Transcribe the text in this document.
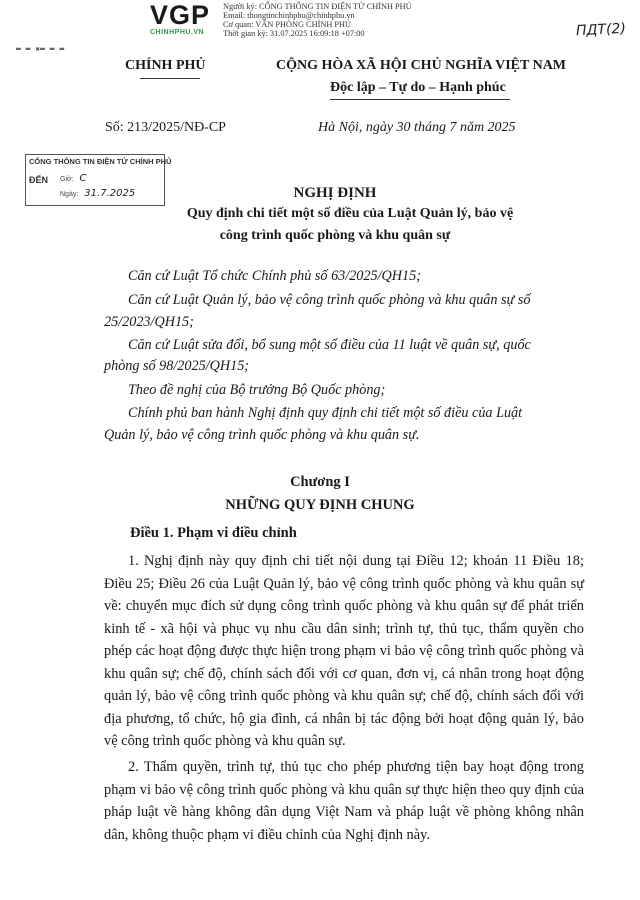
VGP
CHINHPHU.VN
Người ký: CỔNG THÔNG TIN ĐIỆN TỬ CHÍNH PHỦ
Email: thongtinchinhphu@chinhphu.vn
Cơ quan: VĂN PHÒNG CHÍNH PHỦ
Thời gian ký: 31.07.2025 16:09:18 +07:00	ПДТ(2)
▬ ▬ ▪▬ ▬ ▬
CHÍNH PHỦ	CỘNG HÒA XÃ HỘI CHỦ NGHĨA VIỆT NAM
Độc lập – Tự do – Hạnh phúc
Số: 213/2025/NĐ-CP	Hà Nội, ngày 30 tháng 7 năm 2025
CỔNG THÔNG TIN ĐIỆN TỬ CHÍNH PHỦ
ĐẾN Giờ: C
Ngày: 31.7.2025	NGHỊ ĐỊNH
Quy định chi tiết một số điều của Luật Quản lý, bảo vệ
công trình quốc phòng và khu quân sự
Căn cứ Luật Tổ chức Chính phủ số 63/2025/QH15;
Căn cứ Luật Quản lý, bảo vệ công trình quốc phòng và khu quân sự số
25/2023/QH15;
Căn cứ Luật sửa đổi, bổ sung một số điều của 11 luật về quân sự, quốc
phòng số 98/2025/QH15;
Theo đề nghị của Bộ trưởng Bộ Quốc phòng;
Chính phủ ban hành Nghị định quy định chi tiết một số điều của Luật
Quản lý, bảo vệ công trình quốc phòng và khu quân sự.
Chương I
NHỮNG QUY ĐỊNH CHUNG
Điều 1. Phạm vi điều chỉnh
1. Nghị định này quy định chi tiết nội dung tại Điều 12; khoản 11 Điều 18; Điều 25; Điều 26 của Luật Quản lý, bảo vệ công trình quốc phòng và khu quân sự về: chuyển mục đích sử dụng công trình quốc phòng và khu quân sự để phát triển kinh tế - xã hội và phục vụ nhu cầu dân sinh; trình tự, thủ tục, thẩm quyền cho phép các hoạt động được thực hiện trong phạm vi bảo vệ công trình quốc phòng và khu quân sự; chế độ, chính sách đối với cơ quan, đơn vị, cá nhân trong hoạt động quản lý, bảo vệ công trình quốc phòng và khu quân sự; chế độ, chính sách đối với địa phương, tổ chức, hộ gia đình, cá nhân bị tác động bởi hoạt động quản lý, bảo vệ công trình quốc phòng và khu quân sự.
2. Thẩm quyền, trình tự, thủ tục cho phép phương tiện bay hoạt động trong phạm vi bảo vệ công trình quốc phòng và khu quân sự thực hiện theo quy định của pháp luật về hàng không dân dụng Việt Nam và pháp luật về phòng không nhân dân, không thuộc phạm vi điều chỉnh của Nghị định này.
